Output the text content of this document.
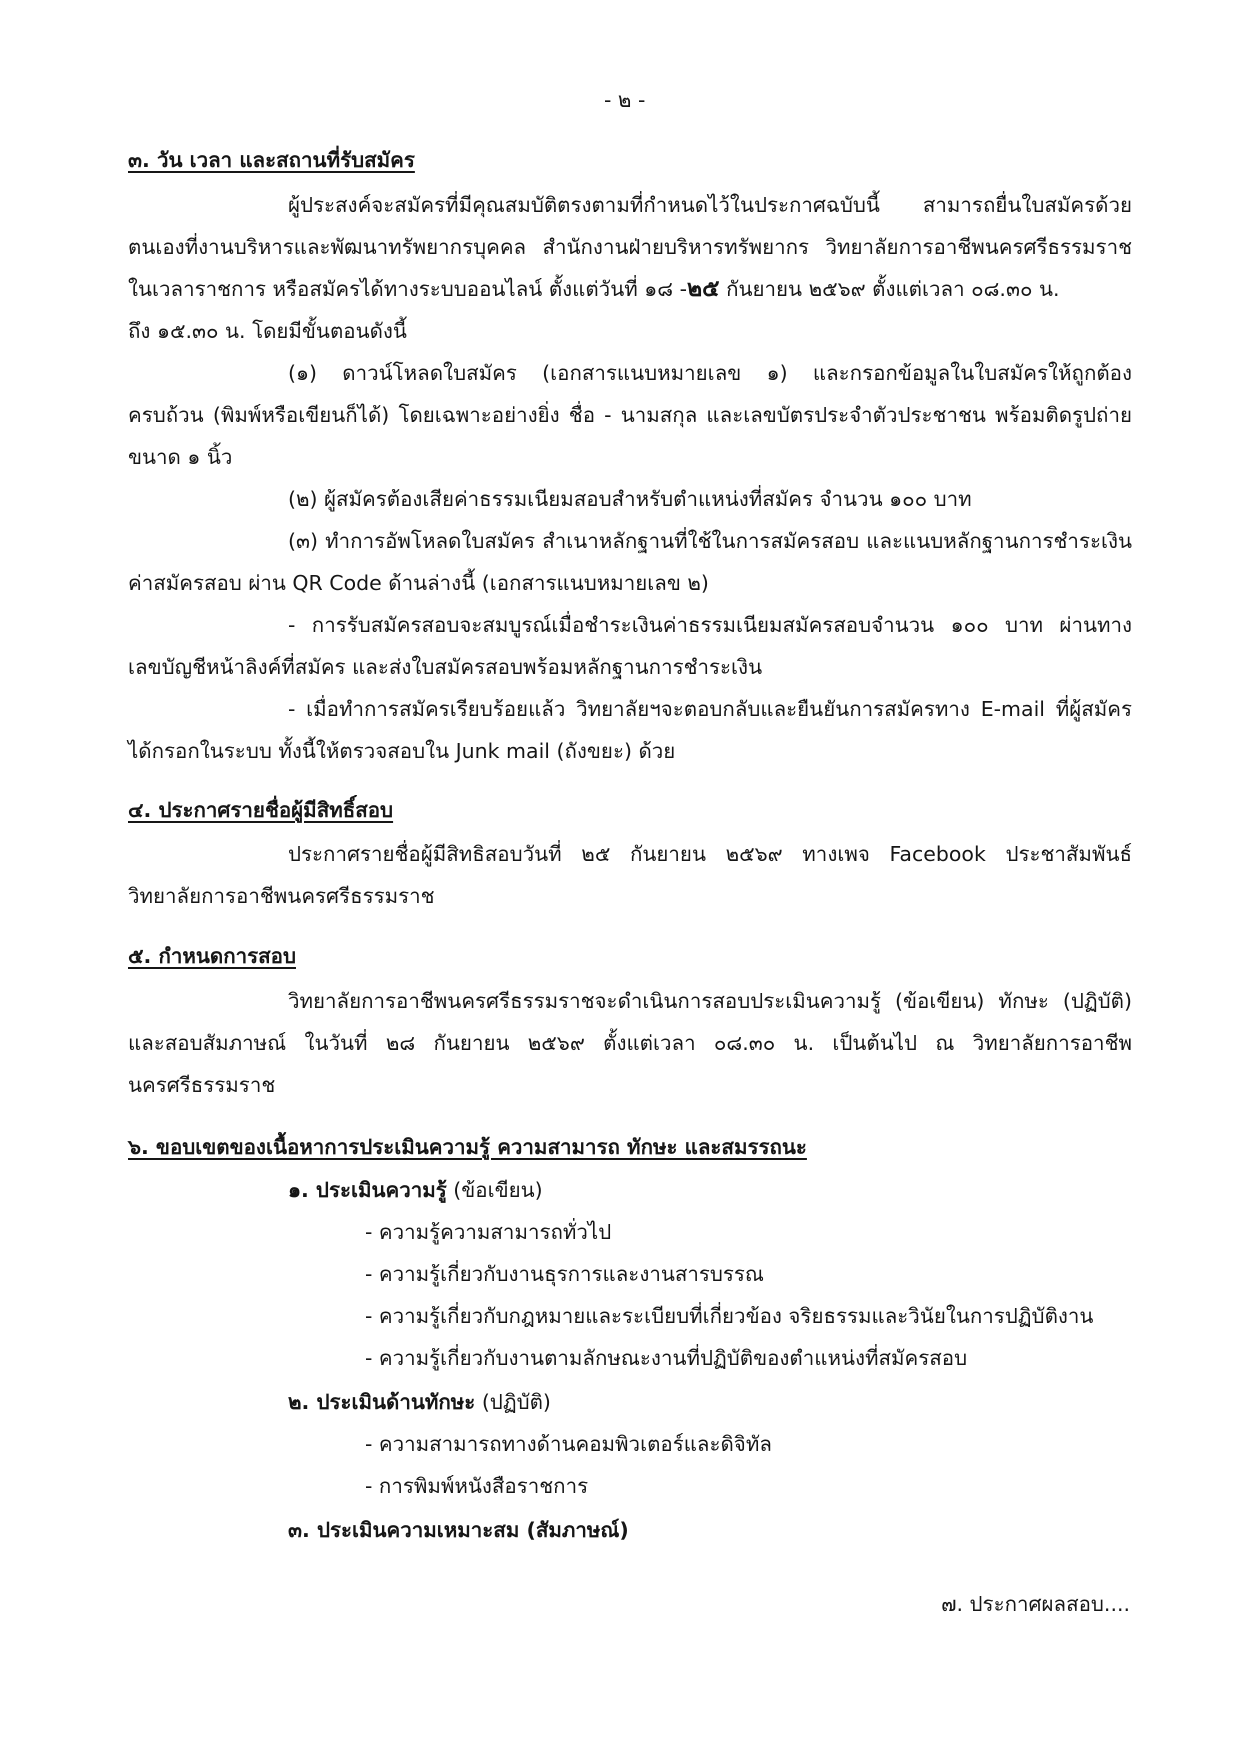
- ๒ -
๓. วัน เวลา และสถานที่รับสมัคร
ผู้ประสงค์จะสมัครที่มีคุณสมบัติตรงตามที่กำหนดไว้ในประกาศฉบับนี้ สามารถยื่นใบสมัครด้วย
ตนเองที่งานบริหารและพัฒนาทรัพยากรบุคคล สำนักงานฝ่ายบริหารทรัพยากร วิทยาลัยการอาชีพนครศรีธรรมราช
ในเวลาราชการ หรือสมัครได้ทางระบบออนไลน์ ตั้งแต่วันที่ ๑๘ -๒๕ กันยายน ๒๕๖๙ ตั้งแต่เวลา ๐๘.๓๐ น.
ถึง ๑๕.๓๐ น. โดยมีขั้นตอนดังนี้
(๑) ดาวน์โหลดใบสมัคร (เอกสารแนบหมายเลข ๑) และกรอกข้อมูลในใบสมัครให้ถูกต้อง
ครบถ้วน (พิมพ์หรือเขียนก็ได้) โดยเฉพาะอย่างยิ่ง ชื่อ - นามสกุล และเลขบัตรประจำตัวประชาชน พร้อมติดรูปถ่าย
ขนาด ๑ นิ้ว
(๒) ผู้สมัครต้องเสียค่าธรรมเนียมสอบสำหรับตำแหน่งที่สมัคร จำนวน ๑๐๐ บาท
(๓) ทำการอัพโหลดใบสมัคร สำเนาหลักฐานที่ใช้ในการสมัครสอบ และแนบหลักฐานการชำระเงิน
ค่าสมัครสอบ ผ่าน QR Code ด้านล่างนี้ (เอกสารแนบหมายเลข ๒)
- การรับสมัครสอบจะสมบูรณ์เมื่อชำระเงินค่าธรรมเนียมสมัครสอบจำนวน ๑๐๐ บาท ผ่านทาง
เลขบัญชีหน้าลิงค์ที่สมัคร และส่งใบสมัครสอบพร้อมหลักฐานการชำระเงิน
- เมื่อทำการสมัครเรียบร้อยแล้ว วิทยาลัยฯจะตอบกลับและยืนยันการสมัครทาง E-mail ที่ผู้สมัคร
ได้กรอกในระบบ ทั้งนี้ให้ตรวจสอบใน Junk mail (ถังขยะ) ด้วย
๔. ประกาศรายชื่อผู้มีสิทธิ์สอบ
ประกาศรายชื่อผู้มีสิทธิสอบวันที่ ๒๕ กันยายน ๒๕๖๙ ทางเพจ Facebook ประชาสัมพันธ์
วิทยาลัยการอาชีพนครศรีธรรมราช
๕. กำหนดการสอบ
วิทยาลัยการอาชีพนครศรีธรรมราชจะดำเนินการสอบประเมินความรู้ (ข้อเขียน) ทักษะ (ปฏิบัติ)
และสอบสัมภาษณ์ ในวันที่ ๒๘ กันยายน ๒๕๖๙ ตั้งแต่เวลา ๐๘.๓๐ น. เป็นต้นไป ณ วิทยาลัยการอาชีพ
นครศรีธรรมราช
๖. ขอบเขตของเนื้อหาการประเมินความรู้ ความสามารถ ทักษะ และสมรรถนะ
๑. ประเมินความรู้ (ข้อเขียน)
- ความรู้ความสามารถทั่วไป
- ความรู้เกี่ยวกับงานธุรการและงานสารบรรณ
- ความรู้เกี่ยวกับกฎหมายและระเบียบที่เกี่ยวข้อง จริยธรรมและวินัยในการปฏิบัติงาน
- ความรู้เกี่ยวกับงานตามลักษณะงานที่ปฏิบัติของตำแหน่งที่สมัครสอบ
๒. ประเมินด้านทักษะ (ปฏิบัติ)
- ความสามารถทางด้านคอมพิวเตอร์และดิจิทัล
- การพิมพ์หนังสือราชการ
๓. ประเมินความเหมาะสม (สัมภาษณ์)
๗. ประกาศผลสอบ....
